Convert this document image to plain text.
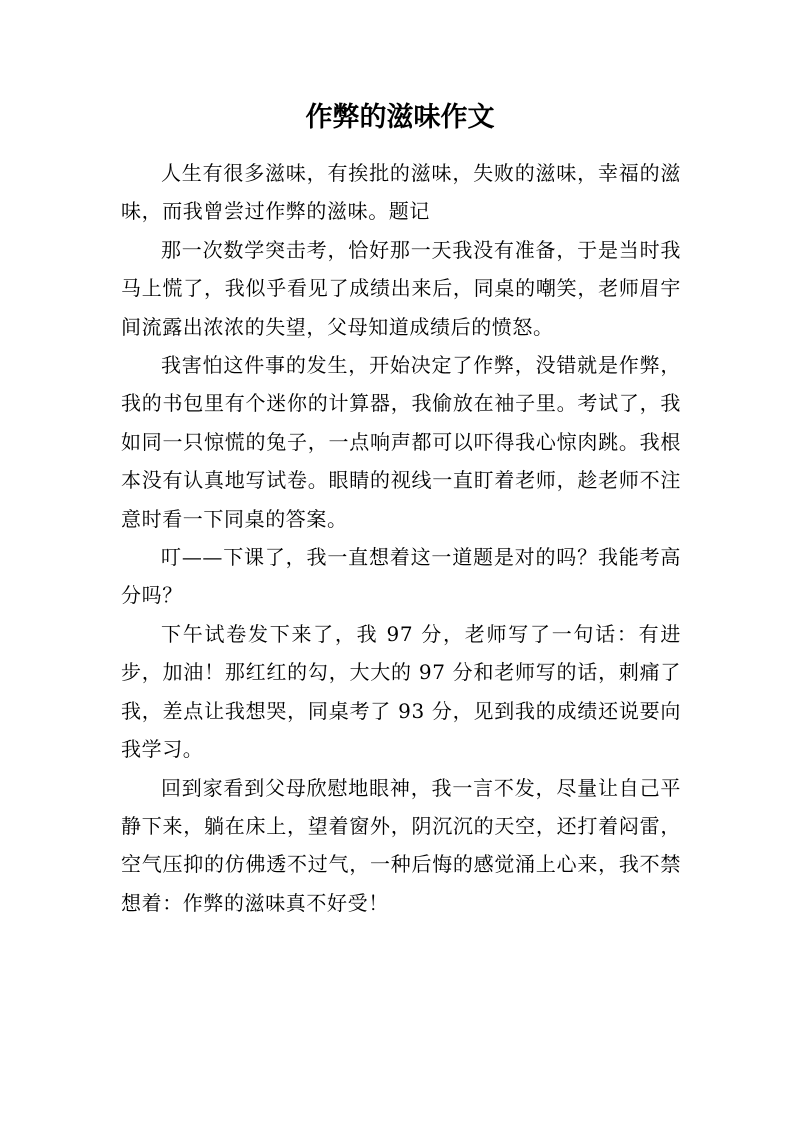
作弊的滋味作文

人生有很多滋味，有挨批的滋味，失败的滋味，幸福的滋味，而我曾尝过作弊的滋味。题记

那一次数学突击考，恰好那一天我没有准备，于是当时我马上慌了，我似乎看见了成绩出来后，同桌的嘲笑，老师眉宇间流露出浓浓的失望，父母知道成绩后的愤怒。

我害怕这件事的发生，开始决定了作弊，没错就是作弊，我的书包里有个迷你的计算器，我偷放在袖子里。考试了，我如同一只惊慌的兔子，一点响声都可以吓得我心惊肉跳。我根本没有认真地写试卷。眼睛的视线一直盯着老师，趁老师不注意时看一下同桌的答案。

叮——下课了，我一直想着这一道题是对的吗？我能考高分吗？

下午试卷发下来了，我 97 分，老师写了一句话：有进步，加油！那红红的勾，大大的 97 分和老师写的话，刺痛了我，差点让我想哭，同桌考了 93 分，见到我的成绩还说要向我学习。

回到家看到父母欣慰地眼神，我一言不发，尽量让自己平静下来，躺在床上，望着窗外，阴沉沉的天空，还打着闷雷，空气压抑的仿佛透不过气，一种后悔的感觉涌上心来，我不禁想着：作弊的滋味真不好受！
